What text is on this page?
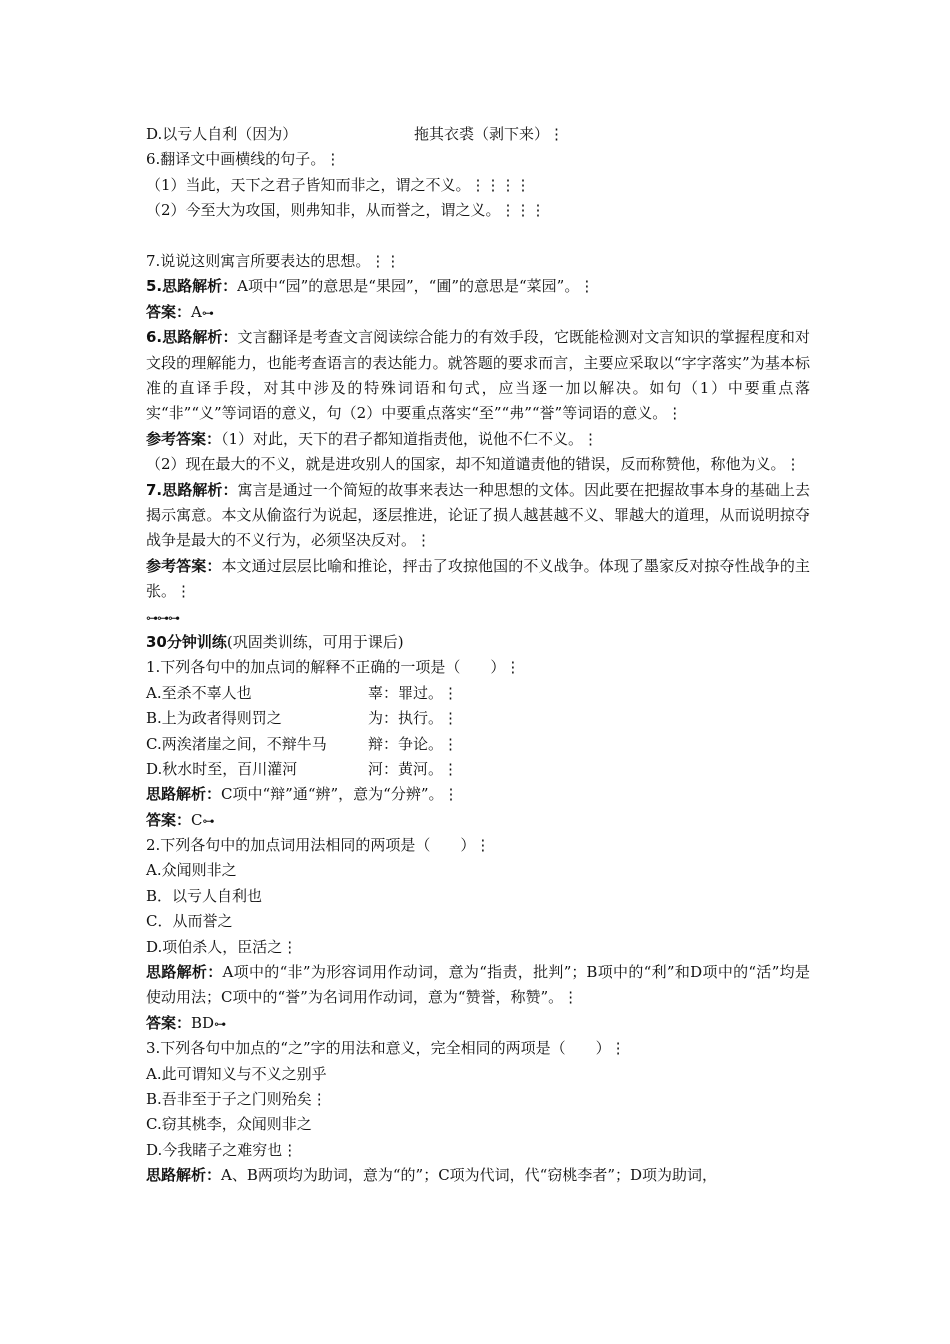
D.以亏人自利（因为）	拖其衣裘（剥下来）⋮
6.翻译文中画横线的句子。⋮
（1）当此，天下之君子皆知而非之，谓之不义。⋮⋮⋮⋮
（2）今至大为攻国，则弗知非，从而誉之，谓之义。⋮⋮⋮
7.说说这则寓言所要表达的思想。⋮⋮
5.思路解析：A项中“园”的意思是“果园”，“圃”的意思是“菜园”。⋮
答案：A⊶
6.思路解析：文言翻译是考查文言阅读综合能力的有效手段，它既能检测对文言知识的掌握程度和对文段的理解能力，也能考查语言的表达能力。就答题的要求而言，主要应采取以“字字落实”为基本标准的直译手段，对其中涉及的特殊词语和句式，应当逐一加以解决。如句（1）中要重点落实“非”“义”等词语的意义，句（2）中要重点落实“至”“弗”“誉”等词语的意义。⋮
参考答案：（1）对此，天下的君子都知道指责他，说他不仁不义。⋮
（2）现在最大的不义，就是进攻别人的国家，却不知道谴责他的错误，反而称赞他，称他为义。⋮
7.思路解析：寓言是通过一个简短的故事来表达一种思想的文体。因此要在把握故事本身的基础上去揭示寓意。本文从偷盗行为说起，逐层推进，论证了损人越甚越不义、罪越大的道理，从而说明掠夺战争是最大的不义行为，必须坚决反对。⋮
参考答案：本文通过层层比喻和推论，抨击了攻掠他国的不义战争。体现了墨家反对掠夺性战争的主张。⋮
⊶⊶⊶
30分钟训练(巩固类训练，可用于课后)
1.下列各句中的加点词的解释不正确的一项是（　　）⋮
A.至杀不辜人也	辜：罪过。⋮
B.上为政者得则罚之	为：执行。⋮
C.两涘渚崖之间，不辩牛马	辩：争论。⋮
D.秋水时至，百川灌河	河：黄河。⋮
思路解析：C项中“辩”通“辨”，意为“分辨”。⋮
答案：C⊶
2.下列各句中的加点词用法相同的两项是（　　）⋮
A.众闻则非之
B．以亏人自利也
C．从而誉之
D.项伯杀人，臣活之⋮
思路解析：A项中的“非”为形容词用作动词，意为“指责，批判”；B项中的“利”和D项中的“活”均是使动用法；C项中的“誉”为名词用作动词，意为“赞誉，称赞”。⋮
答案：BD⊶
3.下列各句中加点的“之”字的用法和意义，完全相同的两项是（　　）⋮
A.此可谓知义与不义之别乎
B.吾非至于子之门则殆矣⋮
C.窃其桃李，众闻则非之
D.今我睹子之难穷也⋮
思路解析：A、B两项均为助词，意为“的”；C项为代词，代“窃桃李者”；D项为助词，
